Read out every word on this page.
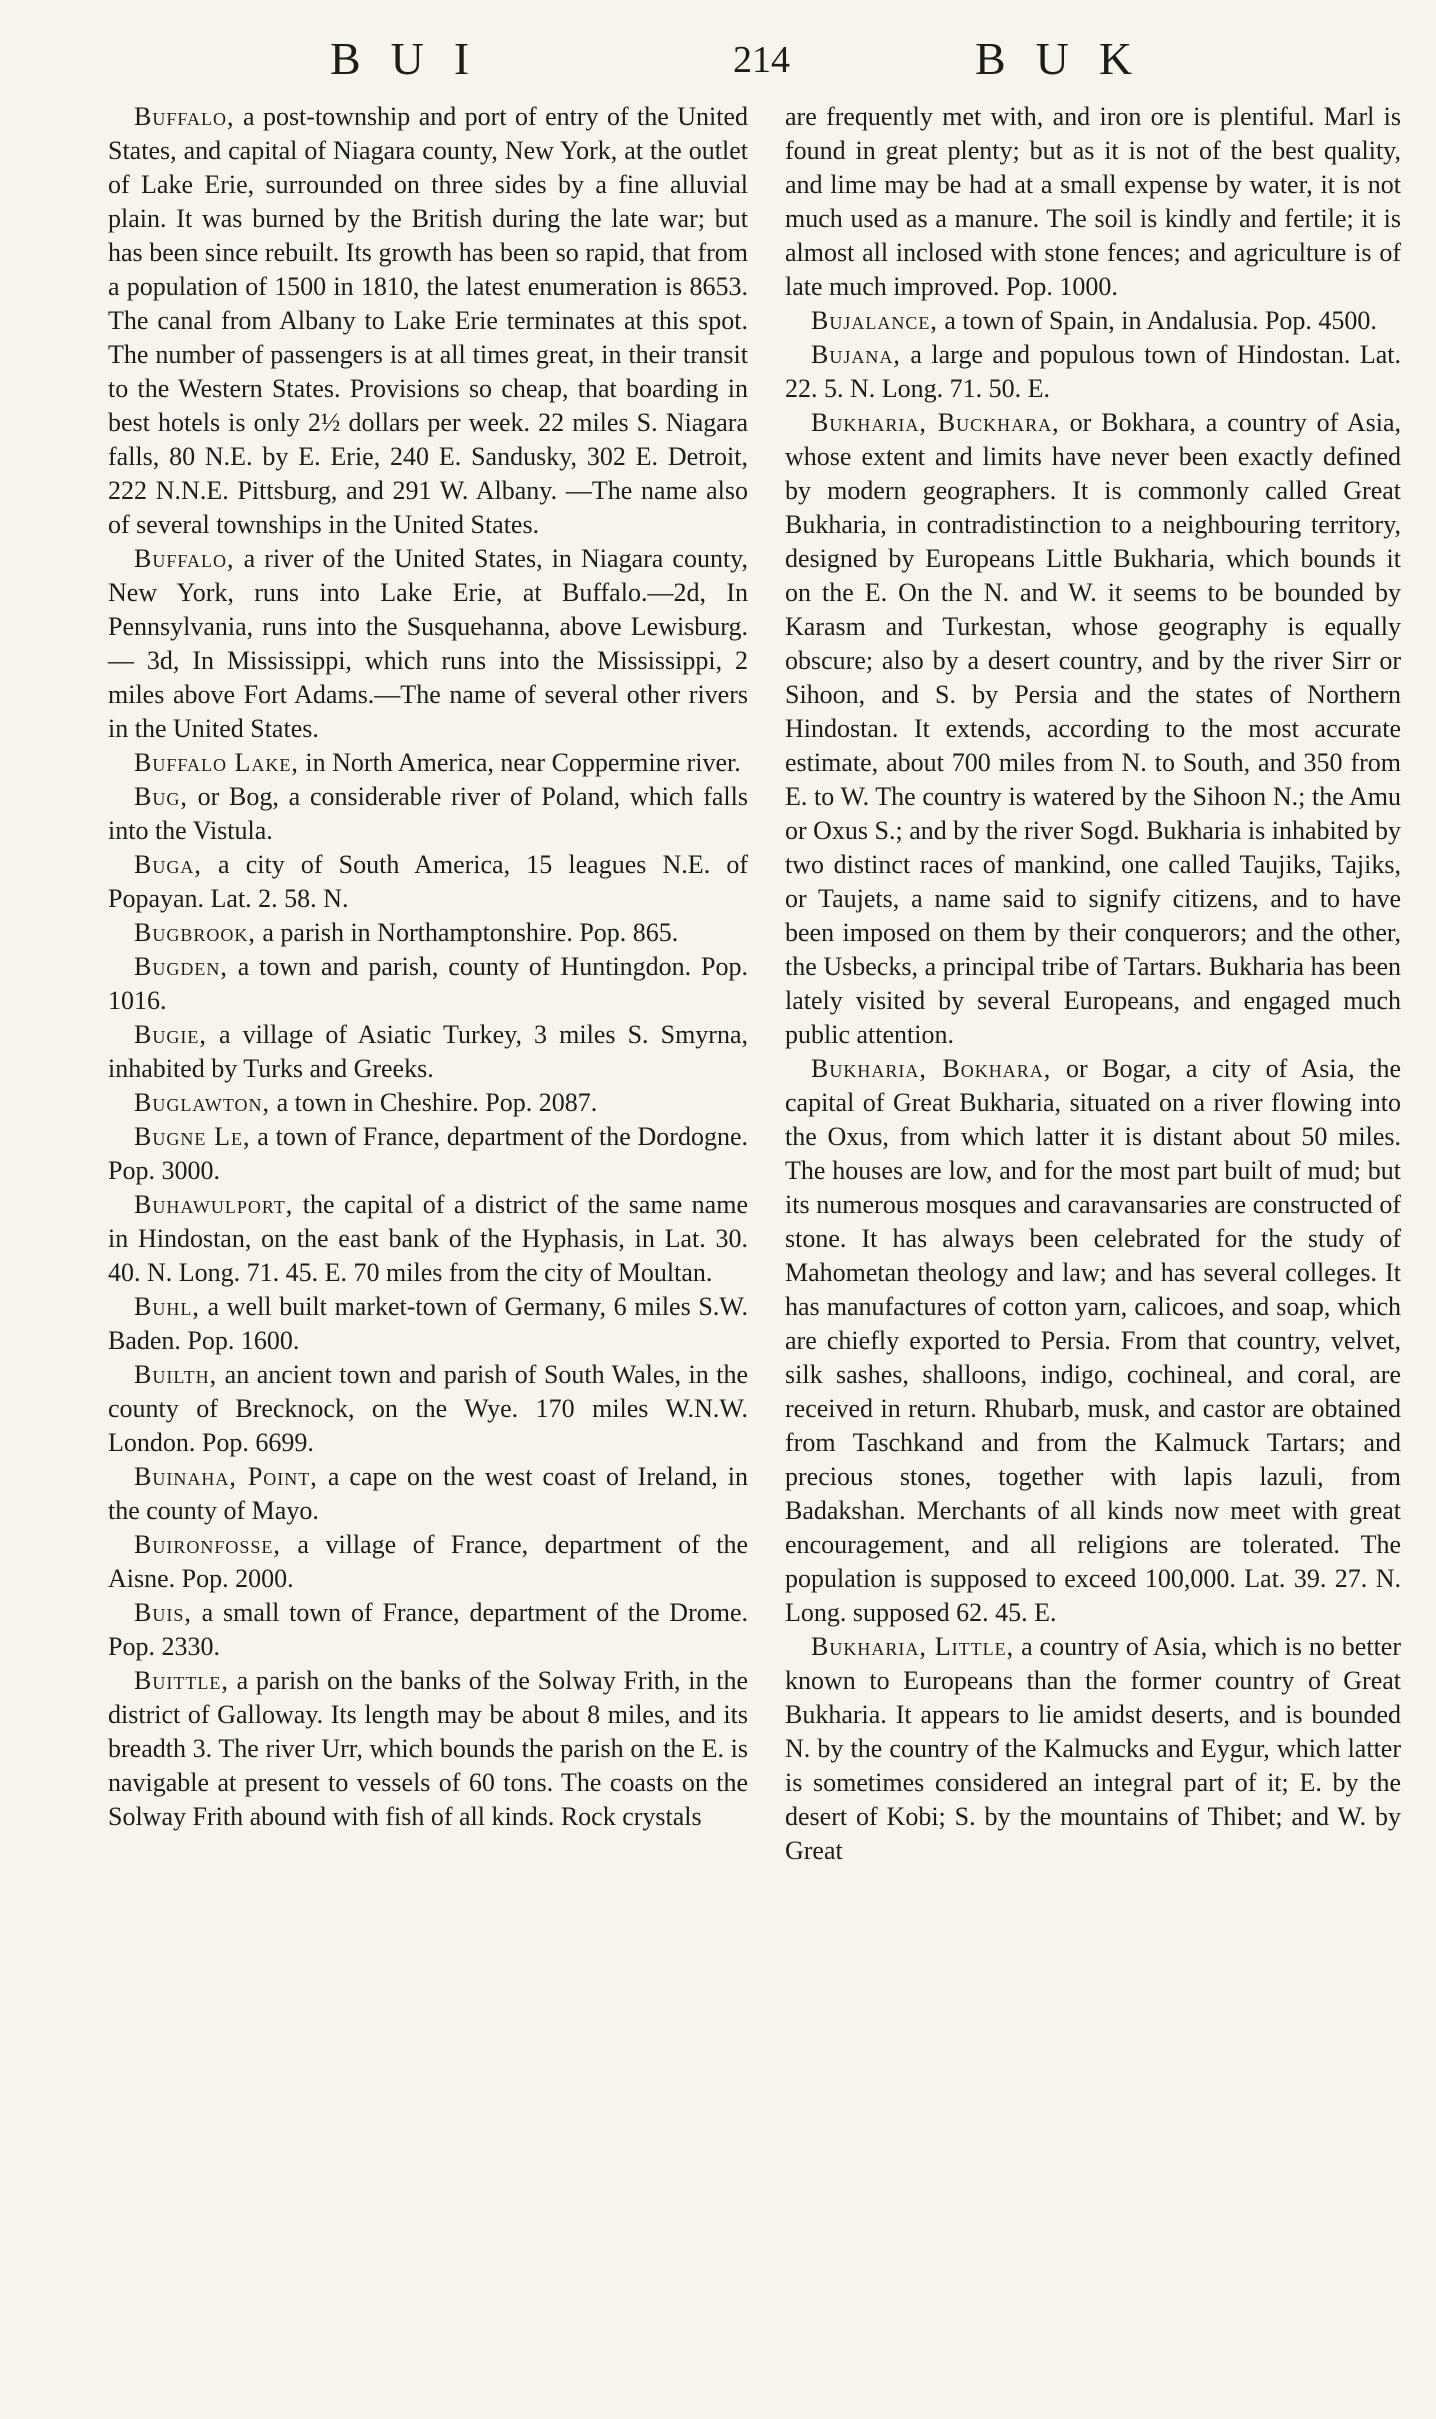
BUI	214	BUK

Buffalo, a post-township and port of entry of the United States, and capital of Niagara county, New York, at the outlet of Lake Erie, surrounded on three sides by a fine alluvial plain. It was burned by the British during the late war; but has been since rebuilt. Its growth has been so rapid, that from a population of 1500 in 1810, the latest enumeration is 8653. The canal from Albany to Lake Erie terminates at this spot. The number of passengers is at all times great, in their transit to the Western States. Provisions so cheap, that boarding in best hotels is only 2½ dollars per week. 22 miles S. Niagara falls, 80 N.E. by E. Erie, 240 E. Sandusky, 302 E. Detroit, 222 N.N.E. Pittsburg, and 291 W. Albany. —The name also of several townships in the United States.

Buffalo, a river of the United States, in Niagara county, New York, runs into Lake Erie, at Buffalo.—2d, In Pennsylvania, runs into the Susquehanna, above Lewisburg.— 3d, In Mississippi, which runs into the Mississippi, 2 miles above Fort Adams.—The name of several other rivers in the United States.

Buffalo Lake, in North America, near Coppermine river.

Bug, or Bog, a considerable river of Poland, which falls into the Vistula.

Buga, a city of South America, 15 leagues N.E. of Popayan. Lat. 2. 58. N.

Bugbrook, a parish in Northamptonshire. Pop. 865.

Bugden, a town and parish, county of Huntingdon. Pop. 1016.

Bugie, a village of Asiatic Turkey, 3 miles S. Smyrna, inhabited by Turks and Greeks.

Buglawton, a town in Cheshire. Pop. 2087.

Bugne Le, a town of France, department of the Dordogne. Pop. 3000.

Buhawulport, the capital of a district of the same name in Hindostan, on the east bank of the Hyphasis, in Lat. 30. 40. N. Long. 71. 45. E. 70 miles from the city of Moultan.

Buhl, a well built market-town of Germany, 6 miles S.W. Baden. Pop. 1600.

Builth, an ancient town and parish of South Wales, in the county of Brecknock, on the Wye. 170 miles W.N.W. London. Pop. 6699.

Buinaha, Point, a cape on the west coast of Ireland, in the county of Mayo.

Buironfosse, a village of France, department of the Aisne. Pop. 2000.

Buis, a small town of France, department of the Drome. Pop. 2330.

Buittle, a parish on the banks of the Solway Frith, in the district of Galloway. Its length may be about 8 miles, and its breadth 3. The river Urr, which bounds the parish on the E. is navigable at present to vessels of 60 tons. The coasts on the Solway Frith abound with fish of all kinds. Rock crystals

are frequently met with, and iron ore is plentiful. Marl is found in great plenty; but as it is not of the best quality, and lime may be had at a small expense by water, it is not much used as a manure. The soil is kindly and fertile; it is almost all inclosed with stone fences; and agriculture is of late much improved. Pop. 1000.

Bujalance, a town of Spain, in Andalusia. Pop. 4500.

Bujana, a large and populous town of Hindostan. Lat. 22. 5. N. Long. 71. 50. E.

Bukharia, Buckhara, or Bokhara, a country of Asia, whose extent and limits have never been exactly defined by modern geographers. It is commonly called Great Bukharia, in contradistinction to a neighbouring territory, designed by Europeans Little Bukharia, which bounds it on the E. On the N. and W. it seems to be bounded by Karasm and Turkestan, whose geography is equally obscure; also by a desert country, and by the river Sirr or Sihoon, and S. by Persia and the states of Northern Hindostan. It extends, according to the most accurate estimate, about 700 miles from N. to South, and 350 from E. to W. The country is watered by the Sihoon N.; the Amu or Oxus S.; and by the river Sogd. Bukharia is inhabited by two distinct races of mankind, one called Taujiks, Tajiks, or Taujets, a name said to signify citizens, and to have been imposed on them by their conquerors; and the other, the Usbecks, a principal tribe of Tartars. Bukharia has been lately visited by several Europeans, and engaged much public attention.

Bukharia, Bokhara, or Bogar, a city of Asia, the capital of Great Bukharia, situated on a river flowing into the Oxus, from which latter it is distant about 50 miles. The houses are low, and for the most part built of mud; but its numerous mosques and caravansaries are constructed of stone. It has always been celebrated for the study of Mahometan theology and law; and has several colleges. It has manufactures of cotton yarn, calicoes, and soap, which are chiefly exported to Persia. From that country, velvet, silk sashes, shalloons, indigo, cochineal, and coral, are received in return. Rhubarb, musk, and castor are obtained from Taschkand and from the Kalmuck Tartars; and precious stones, together with lapis lazuli, from Badakshan. Merchants of all kinds now meet with great encouragement, and all religions are tolerated. The population is supposed to exceed 100,000. Lat. 39. 27. N. Long. supposed 62. 45. E.

Bukharia, Little, a country of Asia, which is no better known to Europeans than the former country of Great Bukharia. It appears to lie amidst deserts, and is bounded N. by the country of the Kalmucks and Eygur, which latter is sometimes considered an integral part of it; E. by the desert of Kobi; S. by the mountains of Thibet; and W. by Great
